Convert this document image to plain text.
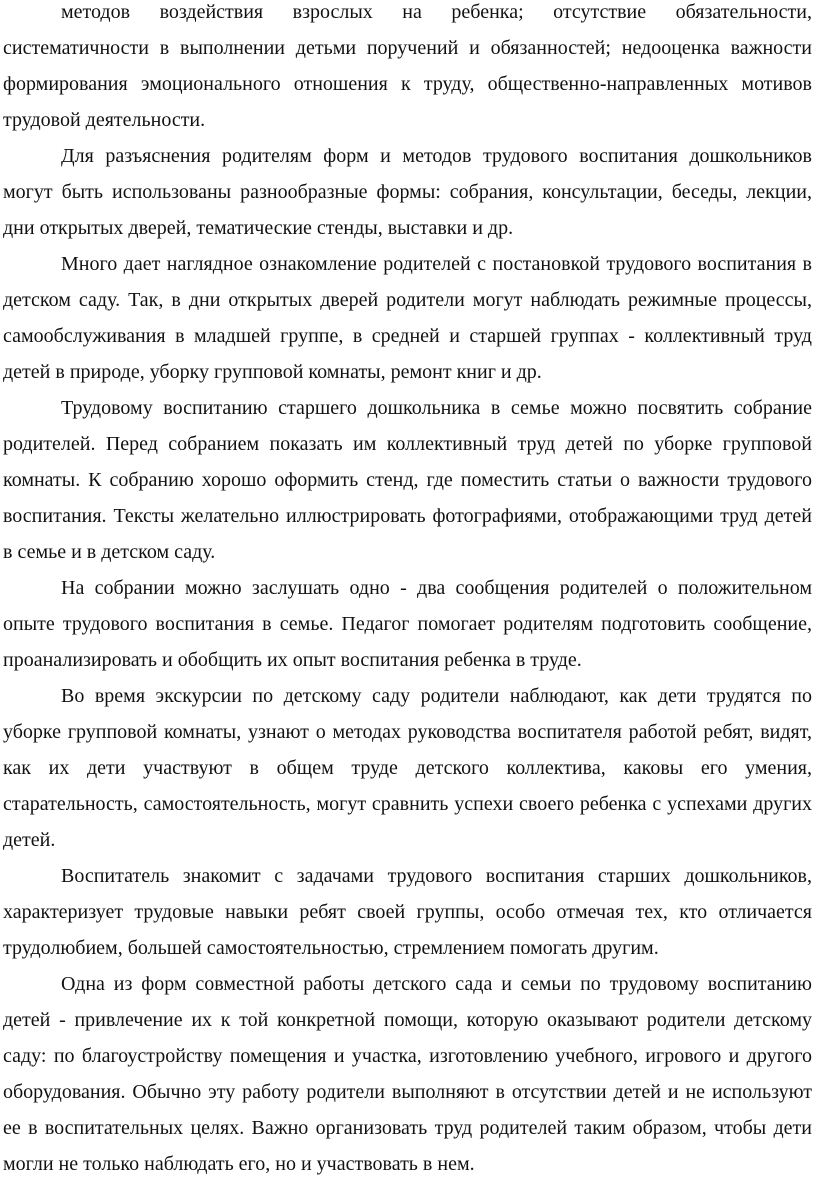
методов воздействия взрослых на ребенка; отсутствие обязательности, систематичности в выполнении детьми поручений и обязанностей; недооценка важности формирования эмоционального отношения к труду, общественно-направленных мотивов трудовой деятельности.

Для разъяснения родителям форм и методов трудового воспитания дошкольников могут быть использованы разнообразные формы: собрания, консультации, беседы, лекции, дни открытых дверей, тематические стенды, выставки и др.

Много дает наглядное ознакомление родителей с постановкой трудового воспитания в детском саду. Так, в дни открытых дверей родители могут наблюдать режимные процессы, самообслуживания в младшей группе, в средней и старшей группах - коллективный труд детей в природе, уборку групповой комнаты, ремонт книг и др.

Трудовому воспитанию старшего дошкольника в семье можно посвятить собрание родителей. Перед собранием показать им коллективный труд детей по уборке групповой комнаты. К собранию хорошо оформить стенд, где поместить статьи о важности трудового воспитания. Тексты желательно иллюстрировать фотографиями, отображающими труд детей в семье и в детском саду.

На собрании можно заслушать одно - два сообщения родителей о положительном опыте трудового воспитания в семье. Педагог помогает родителям подготовить сообщение, проанализировать и обобщить их опыт воспитания ребенка в труде.

Во время экскурсии по детскому саду родители наблюдают, как дети трудятся по уборке групповой комнаты, узнают о методах руководства воспитателя работой ребят, видят, как их дети участвуют в общем труде детского коллектива, каковы его умения, старательность, самостоятельность, могут сравнить успехи своего ребенка с успехами других детей.

Воспитатель знакомит с задачами трудового воспитания старших дошкольников, характеризует трудовые навыки ребят своей группы, особо отмечая тех, кто отличается трудолюбием, большей самостоятельностью, стремлением помогать другим.

Одна из форм совместной работы детского сада и семьи по трудовому воспитанию детей - привлечение их к той конкретной помощи, которую оказывают родители детскому саду: по благоустройству помещения и участка, изготовлению учебного, игрового и другого оборудования. Обычно эту работу родители выполняют в отсутствии детей и не используют ее в воспитательных целях. Важно организовать труд родителей таким образом, чтобы дети могли не только наблюдать его, но и участвовать в нем.
